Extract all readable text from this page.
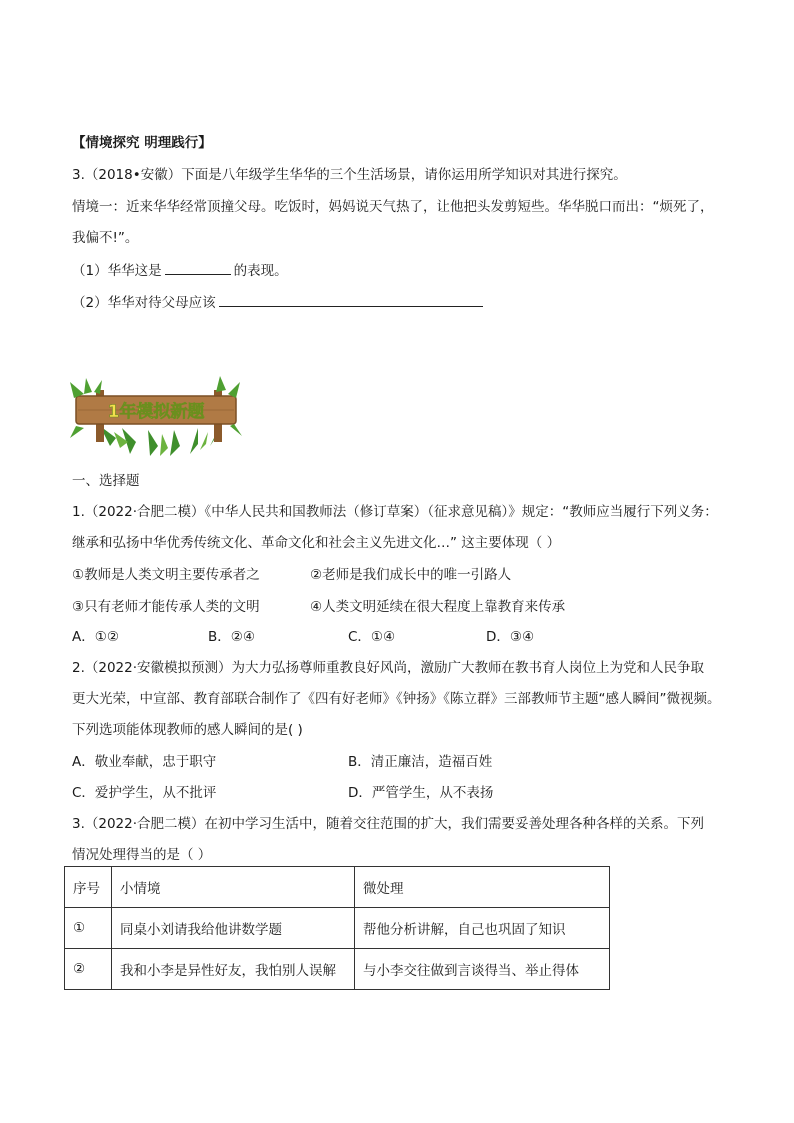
【情境探究 明理践行】
3.（2018•安徽）下面是八年级学生华华的三个生活场景，请你运用所学知识对其进行探究。
情境一：近来华华经常顶撞父母。吃饭时，妈妈说天气热了，让他把头发剪短些。华华脱口而出：“烦死了，
我偏不!”。
（1）华华这是	的表现。
（2）华华对待父母应该
1年模拟新题
一、选择题
1.（2022·合肥二模）《中华人民共和国教师法（修订草案）（征求意见稿）》规定：“教师应当履行下列义务：
继承和弘扬中华优秀传统文化、革命文化和社会主义先进文化…” 这主要体现（ ）
①教师是人类文明主要传承者之	②老师是我们成长中的唯一引路人
③只有老师才能传承人类的文明	④人类文明延续在很大程度上靠教育来传承
A．①②	B．②④	C．①④	D．③④
2.（2022·安徽模拟预测）为大力弘扬尊师重教良好风尚，激励广大教师在教书育人岗位上为党和人民争取
更大光荣，中宣部、教育部联合制作了《四有好老师》《钟扬》《陈立群》三部教师节主题“感人瞬间”微视频。
下列选项能体现教师的感人瞬间的是( )
A．敬业奉献，忠于职守	B．清正廉洁，造福百姓
C．爱护学生，从不批评	D．严管学生，从不表扬
3.（2022·合肥二模）在初中学习生活中，随着交往范围的扩大，我们需要妥善处理各种各样的关系。下列
情况处理得当的是（ ）
序号	小情境	微处理
①	同桌小刘请我给他讲数学题	帮他分析讲解，自己也巩固了知识
②	我和小李是异性好友，我怕别人误解	与小李交往做到言谈得当、举止得体
